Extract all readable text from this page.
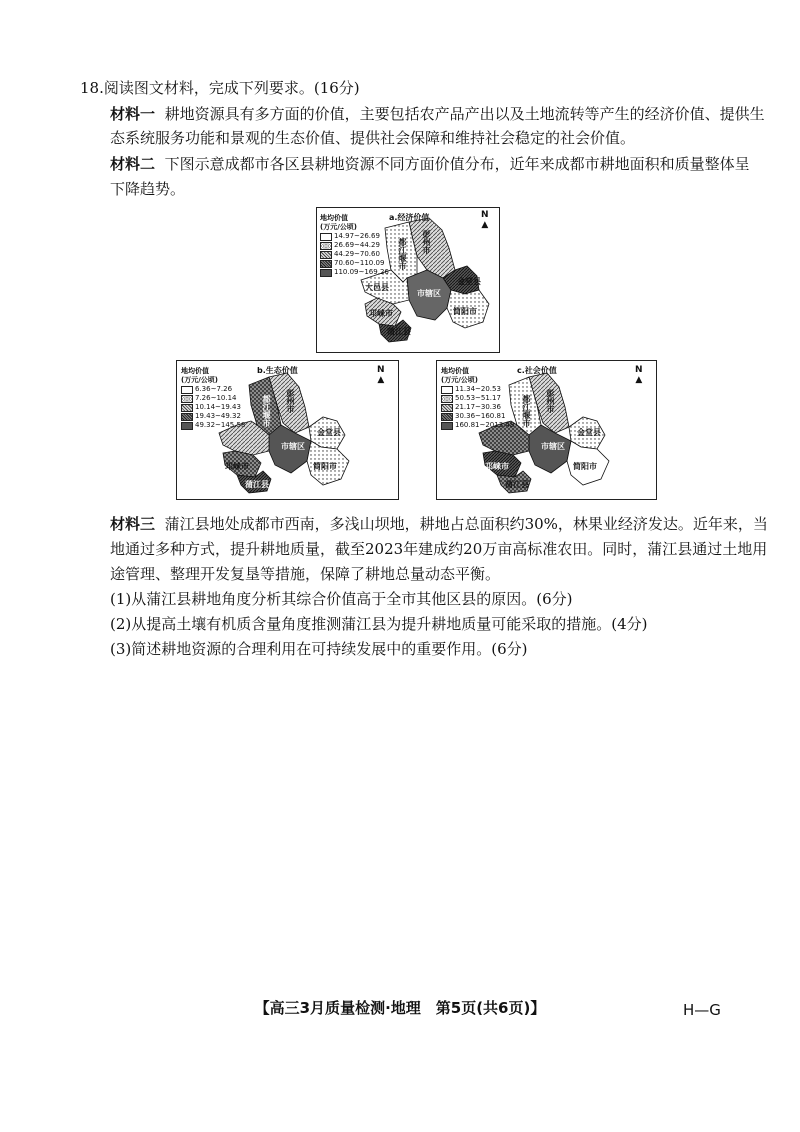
18.阅读图文材料，完成下列要求。(16分)
材料一 耕地资源具有多方面的价值，主要包括农产品产出以及土地流转等产生的经济价值、提供生
态系统服务功能和景观的生态价值、提供社会保障和维持社会稳定的社会价值。
材料二 下图示意成都市各区县耕地资源不同方面价值分布，近年来成都市耕地面积和质量整体呈
下降趋势。
a.经济价值	N
▲
地均价值
(万元/公顷)
14.97~26.69
26.69~44.29
44.29~70.60
70.60~110.09
110.09~169.26
彭州市
都江堰市
大邑县
市辖区
金堂县
邛崃市
蒲江县
简阳市
b.生态价值	N
▲
地均价值
(万元/公顷)
6.36~7.26
7.26~10.14
10.14~19.43
19.43~49.32
49.32~145.58
彭州市
都江堰市
市辖区
金堂县
邛崃市
蒲江县
简阳市
c.社会价值	N
▲
地均价值
(万元/公顷)
11.34~20.53
50.53~51.17
21.17~30.36
30.36~160.81
160.81~2013.48
彭州市
都江堰市
市辖区
金堂县
邛崃市
蒲江县
简阳市
材料三 蒲江县地处成都市西南，多浅山坝地，耕地占总面积约30%，林果业经济发达。近年来，当
地通过多种方式，提升耕地质量，截至2023年建成约20万亩高标准农田。同时，蒲江县通过土地用
途管理、整理开发复垦等措施，保障了耕地总量动态平衡。
(1)从蒲江县耕地角度分析其综合价值高于全市其他区县的原因。(6分)
(2)从提高土壤有机质含量角度推测蒲江县为提升耕地质量可能采取的措施。(4分)
(3)简述耕地资源的合理利用在可持续发展中的重要作用。(6分)
【高三3月质量检测·地理　第5页(共6页)】	H—G
